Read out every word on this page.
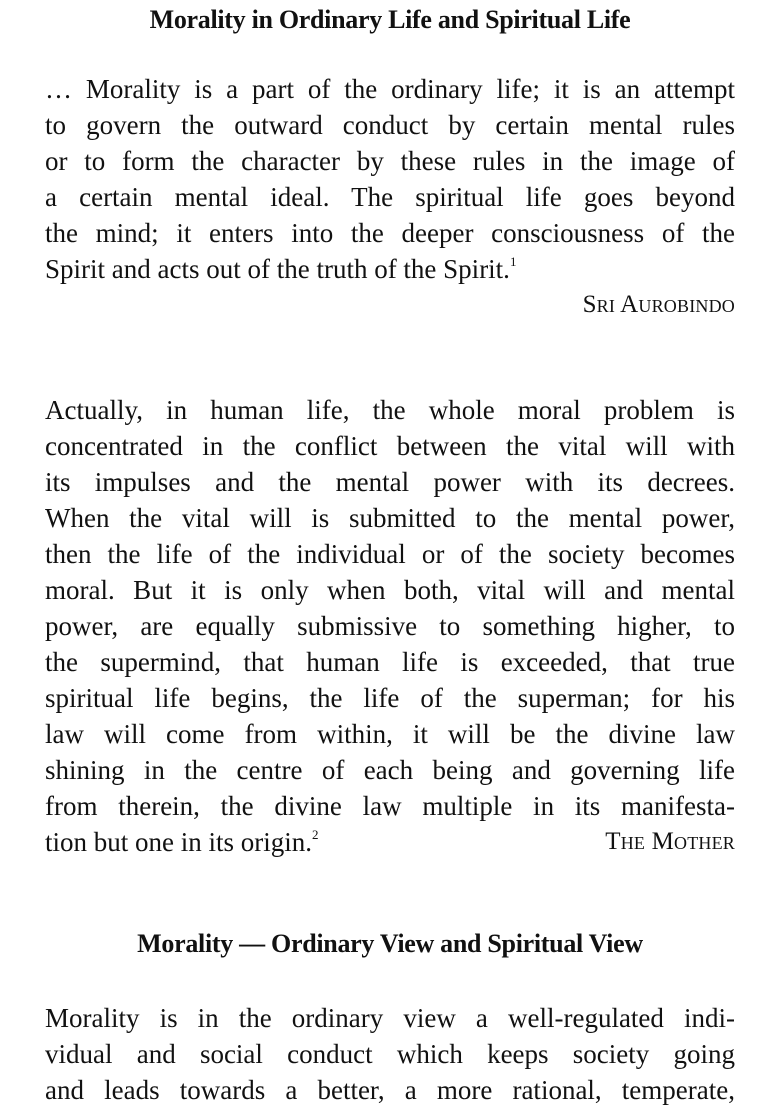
Morality in Ordinary Life and Spiritual Life
… Morality is a part of the ordinary life; it is an attempt
to govern the outward conduct by certain mental rules
or to form the character by these rules in the image of
a certain mental ideal. The spiritual life goes beyond
the mind; it enters into the deeper consciousness of the
Spirit and acts out of the truth of the Spirit.$^1$
Sri Aurobindo
Actually, in human life, the whole moral problem is
concentrated in the conflict between the vital will with
its impulses and the mental power with its decrees.
When the vital will is submitted to the mental power,
then the life of the individual or of the society becomes
moral. But it is only when both, vital will and mental
power, are equally submissive to something higher, to
the supermind, that human life is exceeded, that true
spiritual life begins, the life of the superman; for his
law will come from within, it will be the divine law
shining in the centre of each being and governing life
from therein, the divine law multiple in its manifesta-
tion but one in its origin.$^2$	The Mother
Morality — Ordinary View and Spiritual View
Morality is in the ordinary view a well-regulated indi-
vidual and social conduct which keeps society going
and leads towards a better, a more rational, temperate,
